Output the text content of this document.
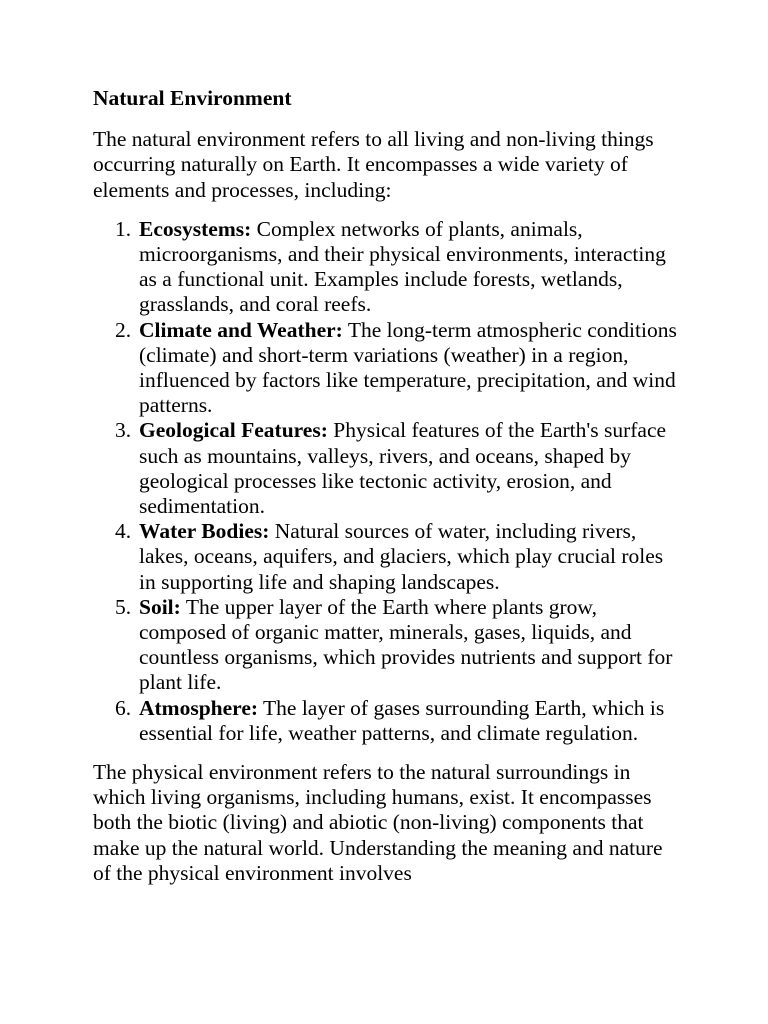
Natural Environment

The natural environment refers to all living and non-living things occurring naturally on Earth. It encompasses a wide variety of elements and processes, including:

1. Ecosystems: Complex networks of plants, animals, microorganisms, and their physical environments, interacting as a functional unit. Examples include forests, wetlands, grasslands, and coral reefs.
2. Climate and Weather: The long-term atmospheric conditions (climate) and short-term variations (weather) in a region, influenced by factors like temperature, precipitation, and wind patterns.
3. Geological Features: Physical features of the Earth's surface such as mountains, valleys, rivers, and oceans, shaped by geological processes like tectonic activity, erosion, and sedimentation.
4. Water Bodies: Natural sources of water, including rivers, lakes, oceans, aquifers, and glaciers, which play crucial roles in supporting life and shaping landscapes.
5. Soil: The upper layer of the Earth where plants grow, composed of organic matter, minerals, gases, liquids, and countless organisms, which provides nutrients and support for plant life.
6. Atmosphere: The layer of gases surrounding Earth, which is essential for life, weather patterns, and climate regulation.

The physical environment refers to the natural surroundings in which living organisms, including humans, exist. It encompasses both the biotic (living) and abiotic (non-living) components that make up the natural world. Understanding the meaning and nature of the physical environment involves
